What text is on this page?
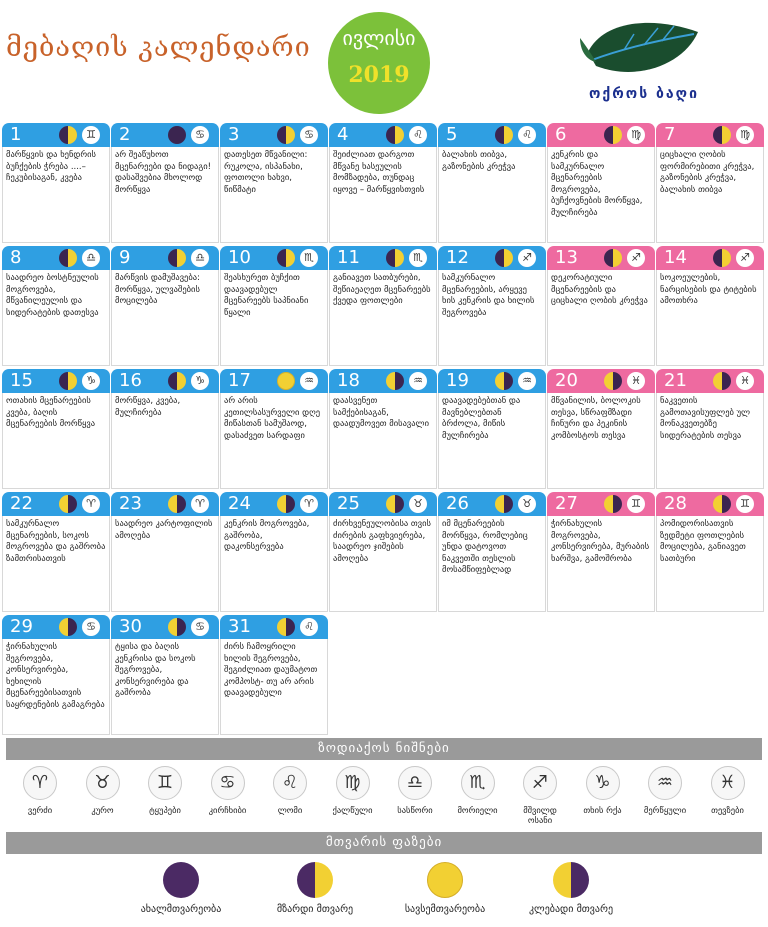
მებაღის კალენდარი	ივლისი
2019
ოქროს ბაღი
1	♊
მარწყვის და ხენდრის ბუჩქების ჭრება ....–ჩეკუბისაგან, კვება
2	♋
არ შეაწუხოთ მცენარეები და ნიდაგი! დასაშვებია მხოლოდ მორწყვა
3	♋
დათესეთ მწვანილი: რუკოლა, ისპანახი, ფოთოლი ხახვი, წიწმატი
4	♌
შეიძლიათ დარგოთ მწვანე ხასეულის მომზადება, თუნდაც იყოვე – მარწყვისთვის
5	♌
ბალახის თიბვა, გაზონების კრეჭვა
6	♍
კენკრის და სამკურნალო მცენარეების მოგროვება, ბუჩქოვნების მორწყვა, მულჩირება
7	♍
ციცხალი ღობის ფორმირებითი კრეჭვა, გაზონების კრეჭვა, ბალახის თიბვა
8	♎
საადრეო ბოსტნეულის მოგროვება, მწვანილეულის და სიდერატების დათესვა
9	♎
მარწვის დამუშავება: მორწყვა, ულვაშების მოცილება
10	♏
შეასხურეთ ბუჩქით დაავადებულ მცენარეებს საპნიანი წყალი
11	♏
განიავეთ სათბურები, შეწიაეაღეთ მცენარეებს ქვედა ფოთლები
12	♐
სამკურნალო მცენარეების, არყევე ხის კენკრის და ხილის შეგროვება
13	♐
დეკორატიული მცენარეების და ციცხალი ღობის კრეჭვა
14	♐
სოკოეულების, ნარცისების და ტიტების ამოთხრა
15	♑
ოთახის მცენარეების კვება, ბაღის მცენარეების მორწყვა
16	♑
მორწყვა, კვება, მულჩირება
17	♒
არ არის კეთილსასურველი დღე მიწასთან სამუშაოდ, დასაძვეთ სარდაფი
18	♒
დაასვენეთ სამქებისაგან, დაადუმოვეთ მისავალი
19	♒
დაავადებებთან და მავნებლებთან ბრძოლა, მიწის მულჩირება
20	♓
მწვანილის, ბოლოკის თესვა, სწრაფმზადი ჩინური და პეკინის კომბოსტოს თესვა
21	♓
ნაკვეთის გამოთავისუფლებ ულ მონაკვეთებზე სიდერატების თესვა
22	♈
სამკურნალო მცენარეების, სოკოს მოგროვება და გაშრობა ზამთრისათვის
23	♈
საადრეო კარტოფილის ამოღება
24	♈
კენკრის მოგროვება, გაშრობა, დაკონსერვება
25	♉
ძირხვენეულობისა თვის ძირების გაფხვიერება, საადრეო ჯიშების ამოღება
26	♉
იმ მცენარეების მორწყვა, რომლებიც უნდა დატოვოთ ნაკვეთში თესლის მოსამწიფებლად
27	♊
ჭირნახულის მოგროვება, კონსერვირება, მურაბის ხარშვა, გამოშრობა
28	♊
პომიდორისათვის ზედმეტი ფოთლების მოცილება, განიავეთ სათბური
29	♋
ჭირნახულის შეგროვება, კონსერვირება, ხეხილის მცენარეებისათვის საყრდენების გამაგრება
30	♋
ტყისა და ბაღის კენკრისა და სოკოს შეგროვება, კონსერვირება და გაშრობა
31	♌
ძირს ჩამოყრილი ხილის შეგროვება, შეგიძლიათ დაუმატოთ კომპოსტ- თუ არ არის დაავადებული
ზოდიაქოს ნიშნები
♈
ვერძი
♉
კურო
♊
ტყუპები
♋
კირჩხიბი
♌
ლომი
♍
ქალწული
♎
სასწორი
♏
მორიელი
♐
მშვილდ ოსანი
♑
თხის რქა
♒
მერწყული
♓
თევზები
მთვარის ფაზები
ახალმთვარეობა	მზარდი მთვარე	სავსემთვარეობა	კლებადი მთვარე
